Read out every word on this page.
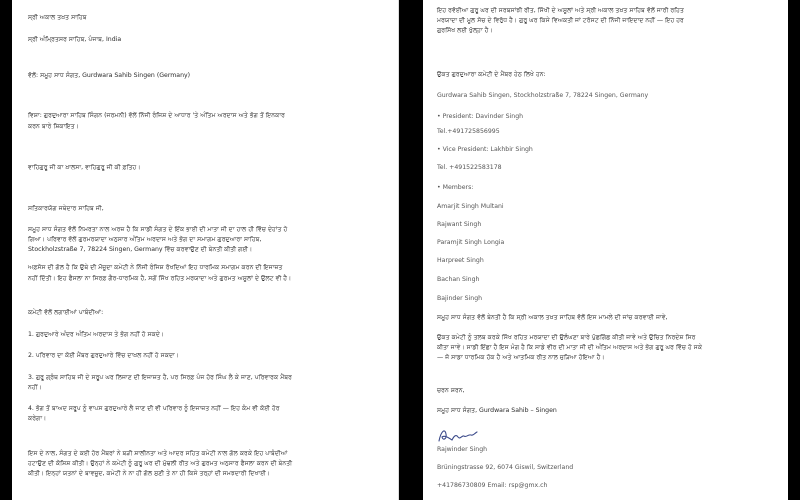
ਸ੍ਰੀ ਅਕਾਲ ਤਖ਼ਤ ਸਾਹਿਬ
ਸ੍ਰੀ ਅੰਮ੍ਰਿਤਸਰ ਸਾਹਿਬ, ਪੰਜਾਬ, India
ਵੱਲੋਂ: ਸਮੂਹ ਸਾਧ ਸੰਗਤ, Gurdwara Sahib Singen (Germany)
ਵਿਸ਼ਾ: ਗੁਰਦੁਆਰਾ ਸਾਹਿਬ ਸਿੰਗਨ (ਜਰਮਨੀ) ਵੱਲੋਂ ਨਿੱਜੀ ਰੰਜਿਸ਼ ਦੇ ਆਧਾਰ 'ਤੇ ਅੰਤਿਮ ਅਰਦਾਸ ਅਤੇ ਭੋਗ ਤੋਂ ਇਨਕਾਰ
ਕਰਨ ਬਾਰੇ ਸ਼ਿਕਾਇਤ।
ਵਾਹਿਗੁਰੂ ਜੀ ਕਾ ਖ਼ਾਲਸਾ, ਵਾਹਿਗੁਰੂ ਜੀ ਕੀ ਫ਼ਤਿਹ।
ਸਤਿਕਾਰਯੋਗ ਜਥੇਦਾਰ ਸਾਹਿਬ ਜੀ,
ਸਮੂਹ ਸਾਧ ਸੰਗਤ ਵੱਲੋਂ ਨਿਮਰਤਾ ਨਾਲ ਅਰਜ਼ ਹੈ ਕਿ ਸਾਡੀ ਸੰਗਤ ਦੇ ਇੱਕ ਭਾਈ ਦੀ ਮਾਤਾ ਜੀ ਦਾ ਹਾਲ ਹੀ ਵਿੱਚ ਦੇਹਾਂਤ ਹੋ
ਗਿਆ। ਪਰਿਵਾਰ ਵੱਲੋਂ ਗੁਰਮਰਯਾਦਾ ਅਨੁਸਾਰ ਅੰਤਿਮ ਅਰਦਾਸ ਅਤੇ ਭੋਗ ਦਾ ਸਮਾਗਮ ਗੁਰਦੁਆਰਾ ਸਾਹਿਬ,
Stockholzstraße 7, 78224 Singen, Germany ਵਿੱਚ ਕਰਵਾਉਣ ਦੀ ਬੇਨਤੀ ਕੀਤੀ ਗਈ।
ਅਫ਼ਸੋਸ ਦੀ ਗੱਲ ਹੈ ਕਿ ਉਥੇ ਦੀ ਮੌਜੂਦਾ ਕਮੇਟੀ ਨੇ ਨਿੱਜੀ ਰੰਜਿਸ਼ ਰੱਖਦਿਆਂ ਇਹ ਧਾਰਮਿਕ ਸਮਾਗਮ ਕਰਨ ਦੀ ਇਜਾਜ਼ਤ
ਨਹੀਂ ਦਿੱਤੀ। ਇਹ ਫੈਸਲਾ ਨਾ ਸਿਰਫ਼ ਗੈਰ-ਧਾਰਮਿਕ ਹੈ, ਸਗੋਂ ਸਿੱਖ ਰਹਿਤ ਮਰਯਾਦਾ ਅਤੇ ਗੁਰਮਤ ਅਸੂਲਾਂ ਦੇ ਉਲਟ ਵੀ ਹੈ।
ਕਮੇਟੀ ਵੱਲੋਂ ਲਗਾਈਆਂ ਪਾਬੰਦੀਆਂ:
1. ਗੁਰਦੁਆਰੇ ਅੰਦਰ ਅੰਤਿਮ ਅਰਦਾਸ ਤੇ ਭੋਗ ਨਹੀਂ ਹੋ ਸਕਦੇ।
2. ਪਰਿਵਾਰ ਦਾ ਕੋਈ ਮੈਂਬਰ ਗੁਰਦੁਆਰੇ ਵਿੱਚ ਦਾਖ਼ਲ ਨਹੀਂ ਹੋ ਸਕਦਾ।
3. ਗੁਰੂ ਗ੍ਰੰਥ ਸਾਹਿਬ ਜੀ ਦੇ ਸਰੂਪ ਘਰ ਲਿਜਾਣ ਦੀ ਇਜਾਜ਼ਤ ਹੈ, ਪਰ ਸਿਰਫ਼ ਪੰਜ ਹੋਰ ਸਿੰਘ ਲੈ ਕੇ ਜਾਣ, ਪਰਿਵਾਰਕ ਮੈਂਬਰ
ਨਹੀਂ।
4. ਭੋਗ ਤੋਂ ਬਾਅਦ ਸਰੂਪ ਨੂੰ ਵਾਪਸ ਗੁਰਦੁਆਰੇ ਲੈ ਜਾਣ ਦੀ ਵੀ ਪਰਿਵਾਰ ਨੂੰ ਇਜਾਜ਼ਤ ਨਹੀਂ — ਇਹ ਕੰਮ ਵੀ ਕੋਈ ਹੋਰ
ਕਰੇਗਾ।
ਇਸ ਦੇ ਨਾਲ, ਸੰਗਤ ਦੇ ਕਈ ਹੋਰ ਮੈਂਬਰਾਂ ਨੇ ਬੜੀ ਸ਼ਾਲੀਨਤਾ ਅਤੇ ਆਦਰ ਸਹਿਤ ਕਮੇਟੀ ਨਾਲ ਗੱਲ ਕਰਕੇ ਇਹ ਪਾਬੰਦੀਆਂ
ਹਟਾਉਣ ਦੀ ਕੋਸ਼ਿਸ਼ ਕੀਤੀ। ਉਨ੍ਹਾਂ ਨੇ ਕਮੇਟੀ ਨੂੰ ਗੁਰੂ ਘਰ ਦੀ ਮੁੱਢਲੀ ਰੀਤ ਅਤੇ ਗੁਰਮਤ ਅਨੁਸਾਰ ਫੈਸਲਾ ਕਰਨ ਦੀ ਬੇਨਤੀ
ਕੀਤੀ। ਇਨ੍ਹਾਂ ਯਤਨਾਂ ਦੇ ਬਾਵਜੂਦ, ਕਮੇਟੀ ਨੇ ਨਾ ਹੀ ਗੱਲ ਸੁਣੀ ਤੇ ਨਾ ਹੀ ਕਿਸੇ ਤਰ੍ਹਾਂ ਦੀ ਸਮਝਦਾਰੀ ਦਿਖਾਈ।
ਇਹ ਰਵੱਈਆ ਗੁਰੂ ਘਰ ਦੀ ਸਰਬਸਾਂਝੀ ਰੀਤ, ਸਿੱਖੀ ਦੇ ਅਸੂਲਾਂ ਅਤੇ ਸ੍ਰੀ ਅਕਾਲ ਤਖ਼ਤ ਸਾਹਿਬ ਵੱਲੋਂ ਜਾਰੀ ਰਹਿਤ
ਮਰਯਾਦਾ ਦੀ ਮੂਲ ਸੋਚ ਦੇ ਵਿਰੁੱਧ ਹੈ। ਗੁਰੂ ਘਰ ਕਿਸੇ ਵਿਅਕਤੀ ਜਾਂ ਟਰੱਸਟ ਦੀ ਨਿੱਜੀ ਜਾਇਦਾਦ ਨਹੀਂ — ਇਹ ਹਰ
ਗੁਰਸਿੱਖ ਲਈ ਖੁੱਲ੍ਹਾ ਹੈ।
ਉਕਤ ਗੁਰਦੁਆਰਾ ਕਮੇਟੀ ਦੇ ਮੈਂਬਰ ਹੇਠ ਲਿਖੇ ਹਨ:
Gurdwara Sahib Singen, Stockholzstraße 7, 78224 Singen, Germany
• President: Davinder Singh
Tel.+491725856995
• Vice President: Lakhbir Singh
Tel. +491522583178
• Members:
Amarjit Singh Multani
Rajwant Singh
Paramjit Singh Longia
Harpreet Singh
Bachan Singh
Bajinder Singh
ਸਮੂਹ ਸਾਧ ਸੰਗਤ ਵੱਲੋਂ ਬੇਨਤੀ ਹੈ ਕਿ ਸ੍ਰੀ ਅਕਾਲ ਤਖ਼ਤ ਸਾਹਿਬ ਵੱਲੋਂ ਇਸ ਮਾਮਲੇ ਦੀ ਜਾਂਚ ਕਰਵਾਈ ਜਾਵੇ,
ਉਕਤ ਕਮੇਟੀ ਨੂੰ ਤਲਬ ਕਰਕੇ ਸਿੱਖ ਰਹਿਤ ਮਰਯਾਦਾ ਦੀ ਉਲੰਘਣਾ ਬਾਰੇ ਪੁੱਛਗਿੱਛ ਕੀਤੀ ਜਾਵੇ ਅਤੇ ਉਚਿਤ ਨਿਰਦੇਸ਼ ਸਿਰ
ਕੀਤਾ ਜਾਵੇ। ਸਾਡੀ ਇੱਛਾ ਹੈ ਇਸ ਮੰਗ ਹੈ ਕਿ ਸਾਡੇ ਵੀਰ ਦੀ ਮਾਤਾ ਜੀ ਦੀ ਅੰਤਿਮ ਅਰਦਾਸ ਅਤੇ ਭੋਗ ਗੁਰੂ ਘਰ ਵਿੱਚ ਹੋ ਸਕੇ
— ਜੋ ਸਾਡਾ ਧਾਰਮਿਕ ਹੱਕ ਹੈ ਅਤੇ ਆਤਮਿਕ ਰੀਤ ਨਾਲ ਜੁੜਿਆ ਹੋਇਆ ਹੈ।
ਚਰਨ ਸ਼ਰਨ,
ਸਮੂਹ ਸਾਧ ਸੰਗਤ, Gurdwara Sahib – Singen
Rajwinder Singh
Brüningstrasse 92, 6074 Giswil, Switzerland
+41786730809 Email: rsp@gmx.ch
